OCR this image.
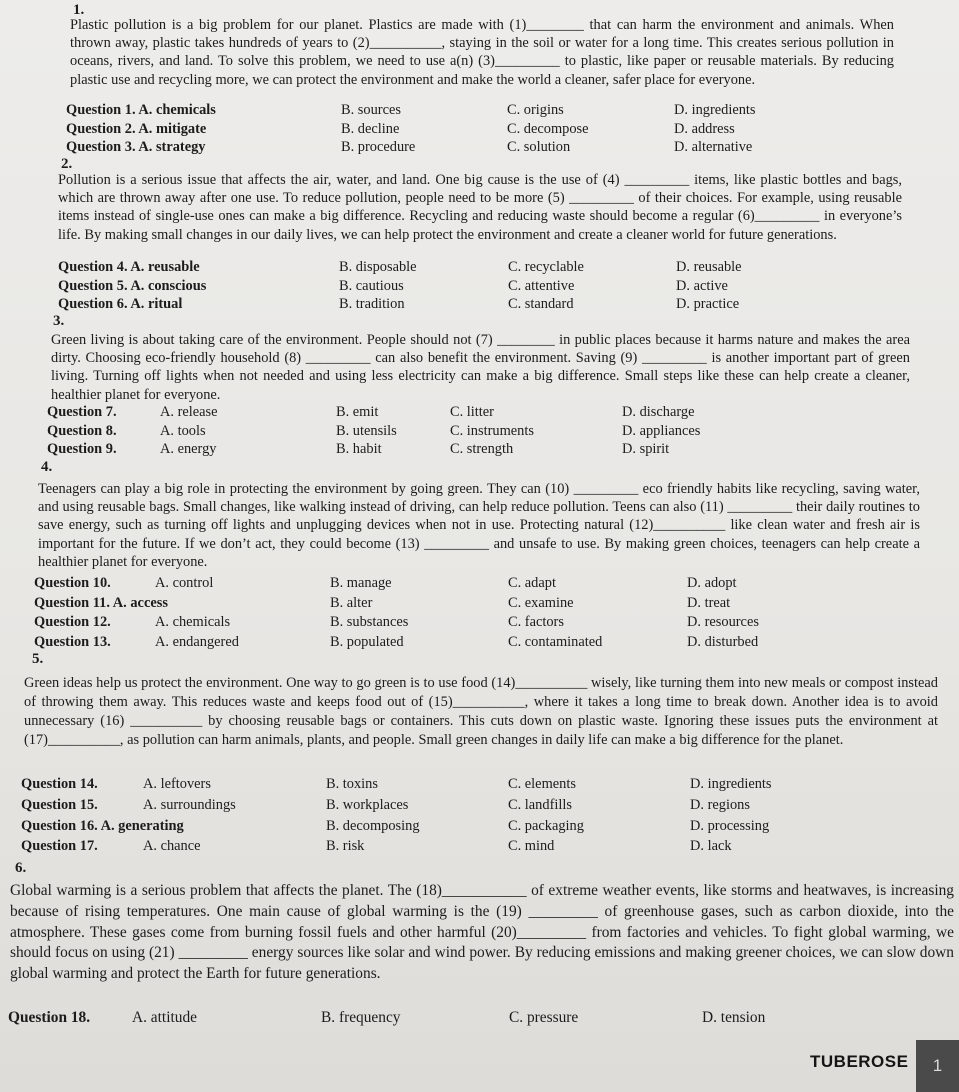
1.
Plastic pollution is a big problem for our planet. Plastics are made with (1)________ that can harm the environment and animals. When thrown away, plastic takes hundreds of years to (2)__________, staying in the soil or water for a long time. This creates serious pollution in oceans, rivers, and land. To solve this problem, we need to use a(n) (3)_________ to plastic, like paper or reusable materials. By reducing plastic use and recycling more, we can protect the environment and make the world a cleaner, safer place for everyone.
Question 1. A. chemicals	B. sources	C. origins	D. ingredients
Question 2. A. mitigate	B. decline	C. decompose	D. address
Question 3. A. strategy	B. procedure	C. solution	D. alternative
2.
Pollution is a serious issue that affects the air, water, and land. One big cause is the use of (4) _________ items, like plastic bottles and bags, which are thrown away after one use. To reduce pollution, people need to be more (5) _________ of their choices. For example, using reusable items instead of single-use ones can make a big difference. Recycling and reducing waste should become a regular (6)_________ in everyone’s life. By making small changes in our daily lives, we can help protect the environment and create a cleaner world for future generations.
Question 4. A. reusable	B. disposable	C. recyclable	D. reusable
Question 5. A. conscious	B. cautious	C. attentive	D. active
Question 6. A. ritual	B. tradition	C. standard	D. practice
3.
Green living is about taking care of the environment. People should not (7) ________ in public places because it harms nature and makes the area dirty. Choosing eco-friendly household (8) _________ can also benefit the environment. Saving (9) _________ is another important part of green living. Turning off lights when not needed and using less electricity can make a big difference. Small steps like these can help create a cleaner, healthier planet for everyone.
Question 7.	A. release	B. emit	C. litter	D. discharge
Question 8.	A. tools	B. utensils	C. instruments	D. appliances
Question 9.	A. energy	B. habit	C. strength	D. spirit
4.
Teenagers can play a big role in protecting the environment by going green. They can (10) _________ eco friendly habits like recycling, saving water, and using reusable bags. Small changes, like walking instead of driving, can help reduce pollution. Teens can also (11) _________ their daily routines to save energy, such as turning off lights and unplugging devices when not in use. Protecting natural (12)__________ like clean water and fresh air is important for the future. If we don’t act, they could become (13) _________ and unsafe to use. By making green choices, teenagers can help create a healthier planet for everyone.
Question 10.	A. control	B. manage	C. adapt	D. adopt
Question 11. A. access	B. alter	C. examine	D. treat
Question 12.	A. chemicals	B. substances	C. factors	D. resources
Question 13.	A. endangered	B. populated	C. contaminated	D. disturbed
5.
Green ideas help us protect the environment. One way to go green is to use food (14)__________ wisely, like turning them into new meals or compost instead of throwing them away. This reduces waste and keeps food out of (15)__________, where it takes a long time to break down. Another idea is to avoid unnecessary (16) __________ by choosing reusable bags or containers. This cuts down on plastic waste. Ignoring these issues puts the environment at (17)__________, as pollution can harm animals, plants, and people. Small green changes in daily life can make a big difference for the planet.
Question 14.	A. leftovers	B. toxins	C. elements	D. ingredients
Question 15.	A. surroundings	B. workplaces	C. landfills	D. regions
Question 16. A. generating	B. decomposing	C. packaging	D. processing
Question 17.	A. chance	B. risk	C. mind	D. lack
6.
Global warming is a serious problem that affects the planet. The (18)___________ of extreme weather events, like storms and heatwaves, is increasing because of rising temperatures. One main cause of global warming is the (19) _________ of greenhouse gases, such as carbon dioxide, into the atmosphere. These gases come from burning fossil fuels and other harmful (20)_________ from factories and vehicles. To fight global warming, we should focus on using (21) _________ energy sources like solar and wind power. By reducing emissions and making greener choices, we can slow down global warming and protect the Earth for future generations.
Question 18.	A. attitude	B. frequency	C. pressure	D. tension
TUBEROSE	1
